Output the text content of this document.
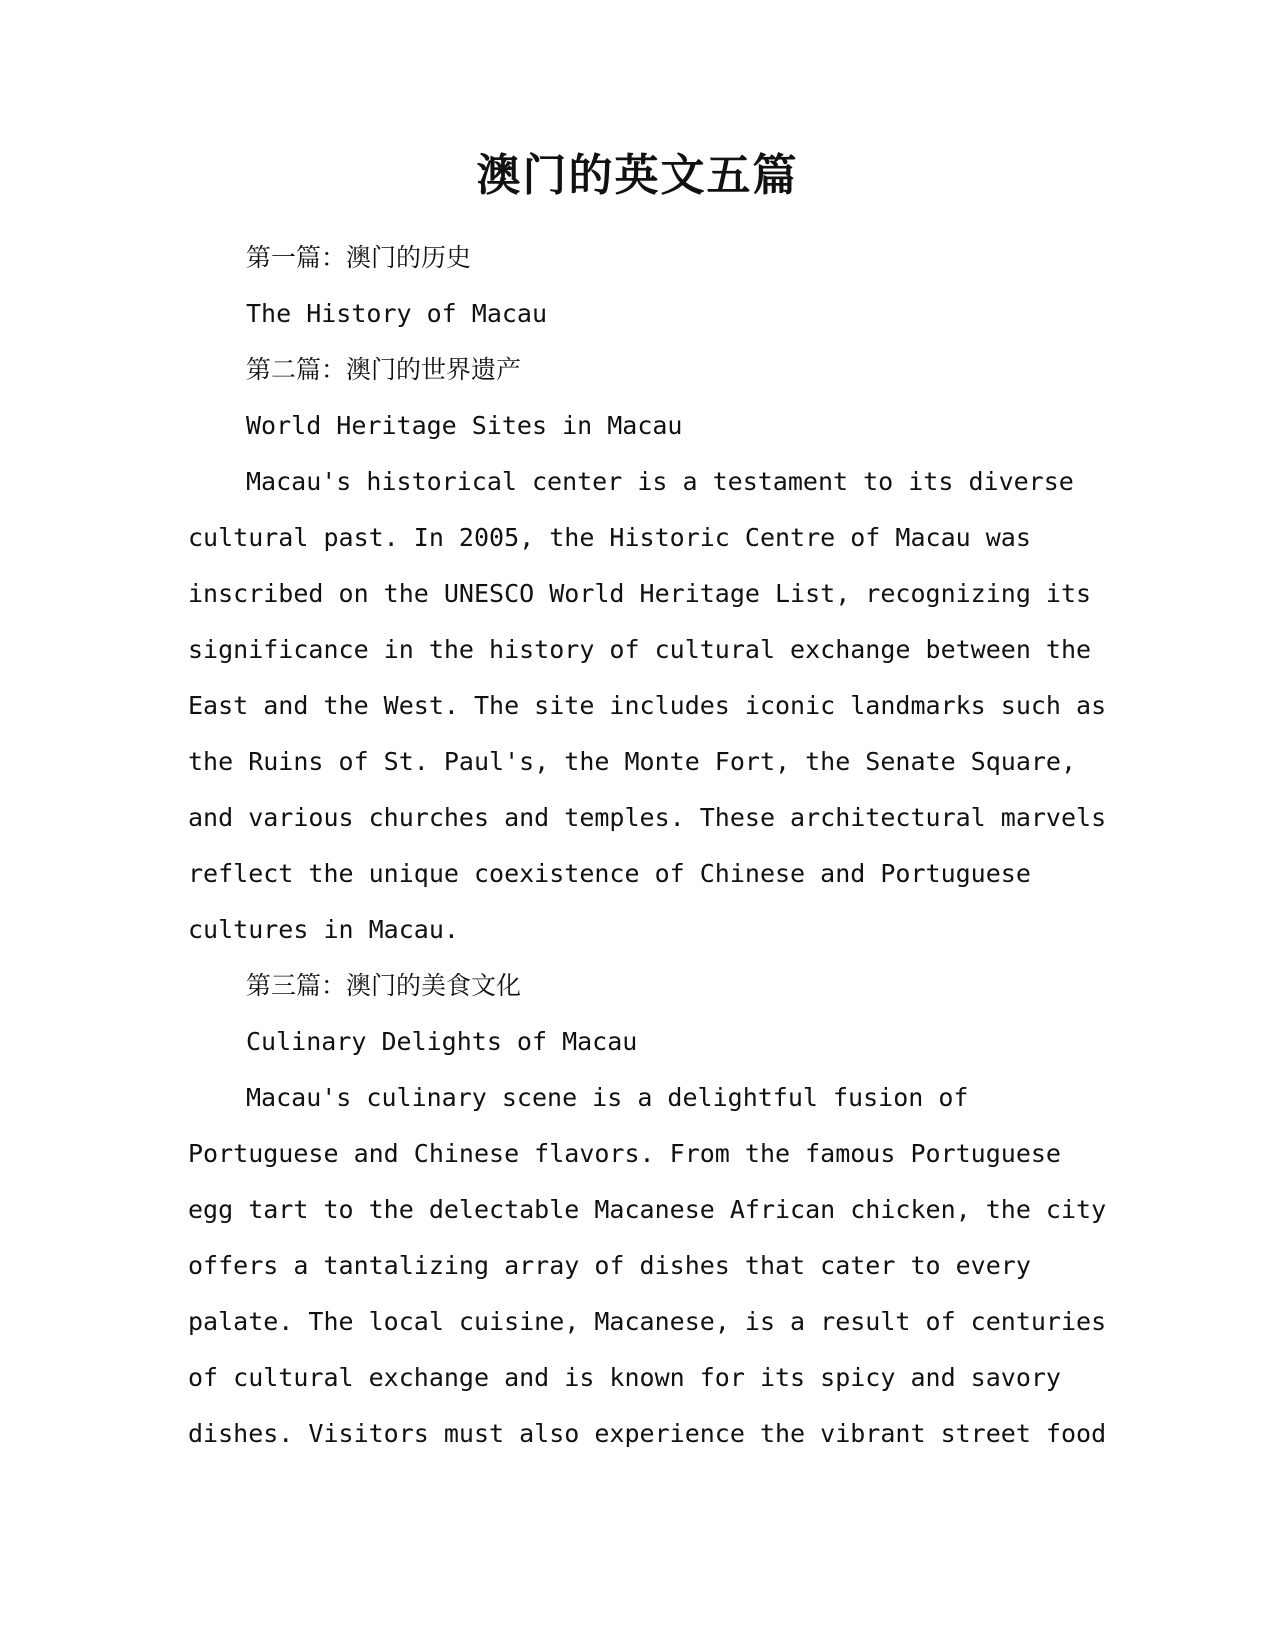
澳门的英文五篇
第一篇：澳门的历史
The History of Macau
第二篇：澳门的世界遗产
World Heritage Sites in Macau
Macau's historical center is a testament to its diverse
cultural past. In 2005, the Historic Centre of Macau was
inscribed on the UNESCO World Heritage List, recognizing its
significance in the history of cultural exchange between the
East and the West. The site includes iconic landmarks such as
the Ruins of St. Paul's, the Monte Fort, the Senate Square,
and various churches and temples. These architectural marvels
reflect the unique coexistence of Chinese and Portuguese
cultures in Macau.
第三篇：澳门的美食文化
Culinary Delights of Macau
Macau's culinary scene is a delightful fusion of
Portuguese and Chinese flavors. From the famous Portuguese
egg tart to the delectable Macanese African chicken, the city
offers a tantalizing array of dishes that cater to every
palate. The local cuisine, Macanese, is a result of centuries
of cultural exchange and is known for its spicy and savory
dishes. Visitors must also experience the vibrant street food
